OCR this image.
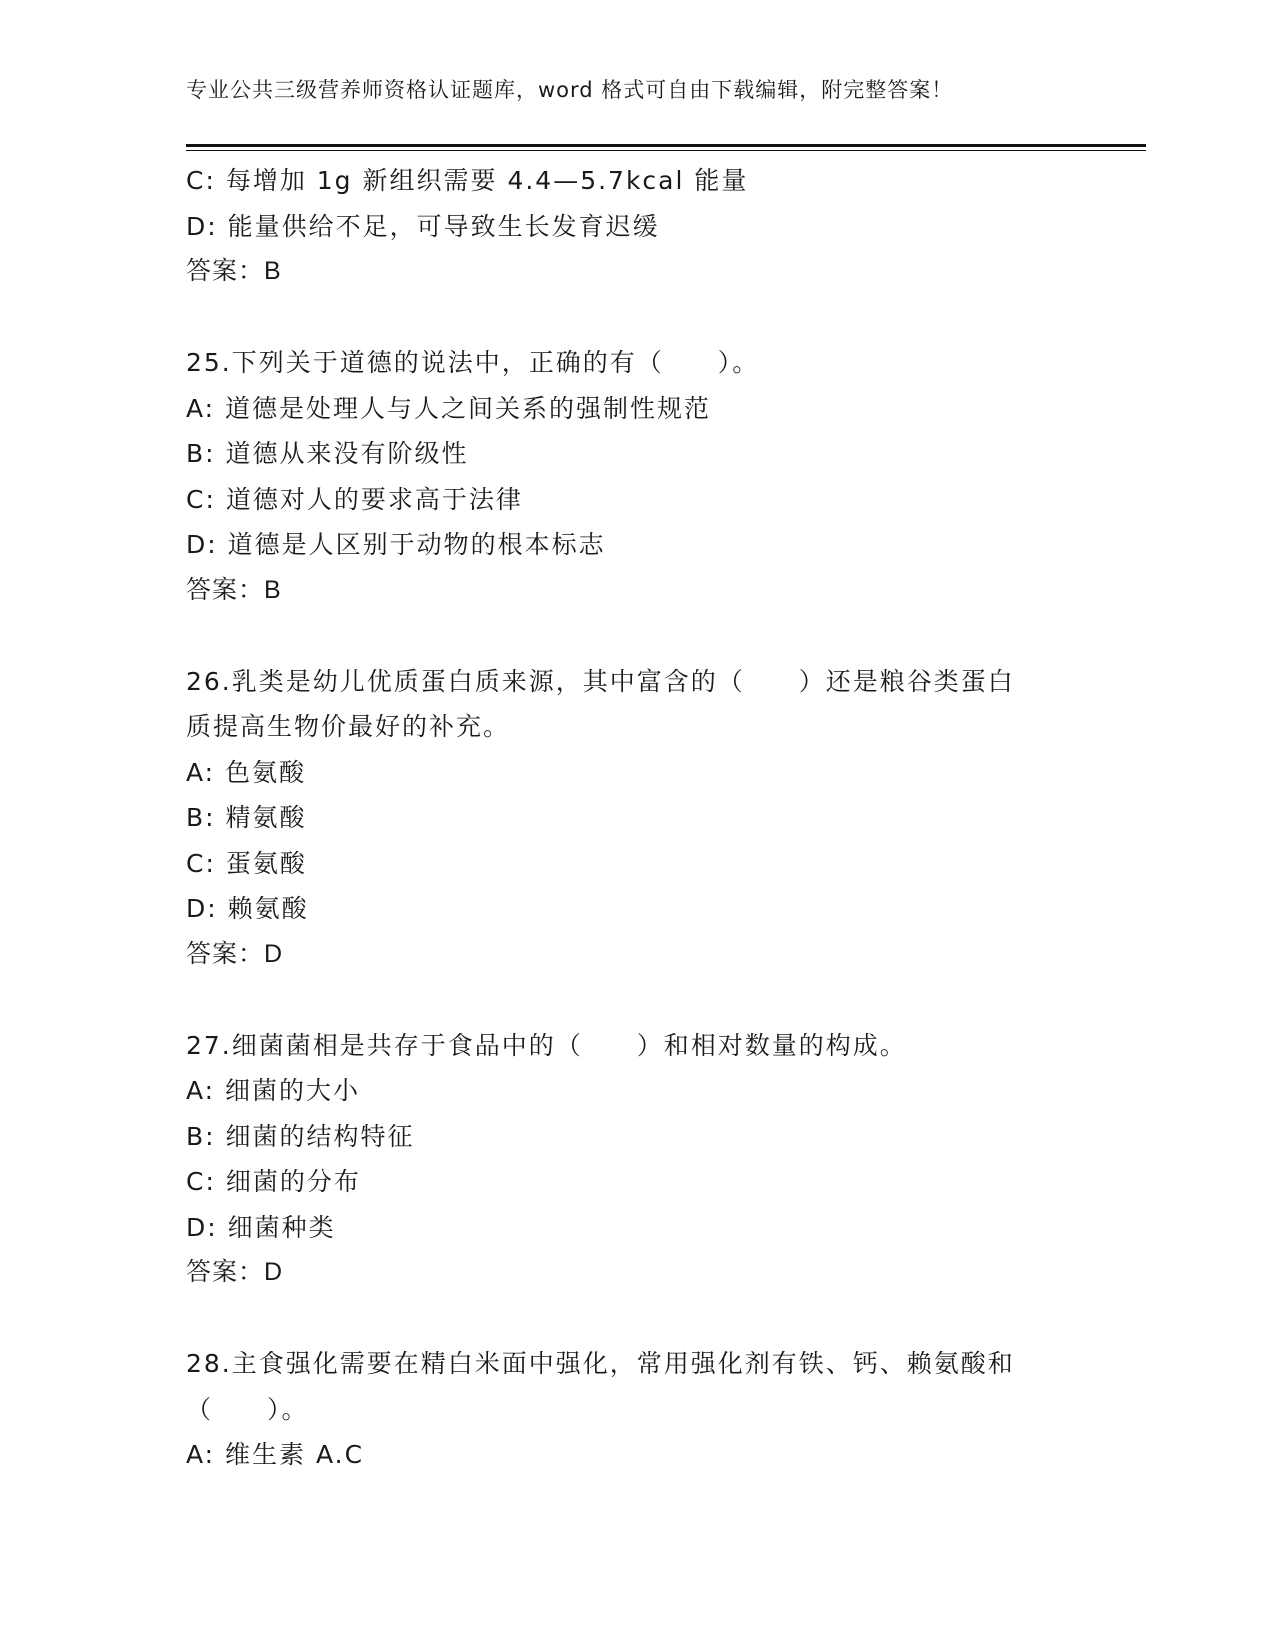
专业公共三级营养师资格认证题库，word 格式可自由下载编辑，附完整答案！
C: 每增加 1g 新组织需要 4.4—5.7kcal 能量
D: 能量供给不足，可导致生长发育迟缓
答案：B
25.下列关于道德的说法中，正确的有（　　）。
A: 道德是处理人与人之间关系的强制性规范
B: 道德从来没有阶级性
C: 道德对人的要求高于法律
D: 道德是人区别于动物的根本标志
答案：B
26.乳类是幼儿优质蛋白质来源，其中富含的（　　）还是粮谷类蛋白
质提高生物价最好的补充。
A: 色氨酸
B: 精氨酸
C: 蛋氨酸
D: 赖氨酸
答案：D
27.细菌菌相是共存于食品中的（　　）和相对数量的构成。
A: 细菌的大小
B: 细菌的结构特征
C: 细菌的分布
D: 细菌种类
答案：D
28.主食强化需要在精白米面中强化，常用强化剂有铁、钙、赖氨酸和
（　　）。
A: 维生素 A.C
